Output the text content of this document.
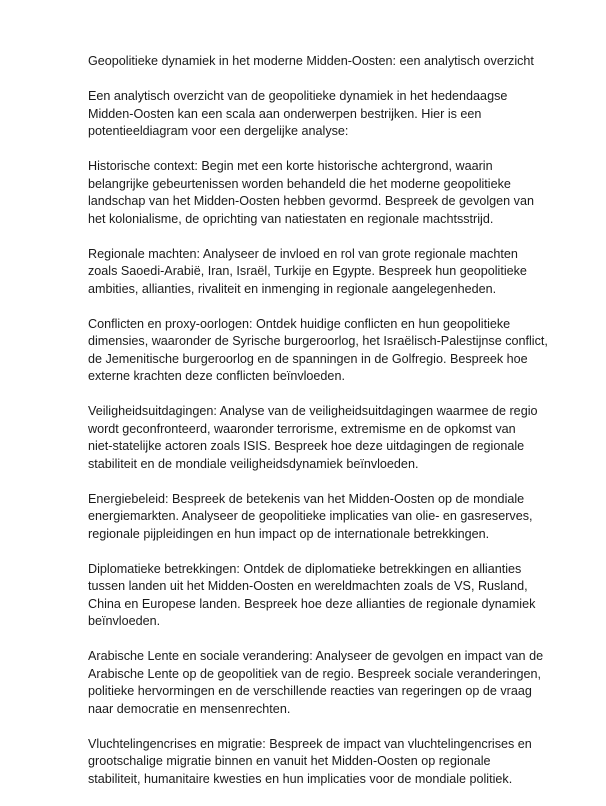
Geopolitieke dynamiek in het moderne Midden-Oosten: een analytisch overzicht

Een analytisch overzicht van de geopolitieke dynamiek in het hedendaagse
Midden-Oosten kan een scala aan onderwerpen bestrijken. Hier is een
potentieeldiagram voor een dergelijke analyse:

Historische context: Begin met een korte historische achtergrond, waarin
belangrijke gebeurtenissen worden behandeld die het moderne geopolitieke
landschap van het Midden-Oosten hebben gevormd. Bespreek de gevolgen van
het kolonialisme, de oprichting van natiestaten en regionale machtsstrijd.

Regionale machten: Analyseer de invloed en rol van grote regionale machten
zoals Saoedi-Arabië, Iran, Israël, Turkije en Egypte. Bespreek hun geopolitieke
ambities, allianties, rivaliteit en inmenging in regionale aangelegenheden.

Conflicten en proxy-oorlogen: Ontdek huidige conflicten en hun geopolitieke
dimensies, waaronder de Syrische burgeroorlog, het Israëlisch-Palestijnse conflict,
de Jemenitische burgeroorlog en de spanningen in de Golfregio. Bespreek hoe
externe krachten deze conflicten beïnvloeden.

Veiligheidsuitdagingen: Analyse van de veiligheidsuitdagingen waarmee de regio
wordt geconfronteerd, waaronder terrorisme, extremisme en de opkomst van
niet-statelijke actoren zoals ISIS. Bespreek hoe deze uitdagingen de regionale
stabiliteit en de mondiale veiligheidsdynamiek beïnvloeden.

Energiebeleid: Bespreek de betekenis van het Midden-Oosten op de mondiale
energiemarkten. Analyseer de geopolitieke implicaties van olie- en gasreserves,
regionale pijpleidingen en hun impact op de internationale betrekkingen.

Diplomatieke betrekkingen: Ontdek de diplomatieke betrekkingen en allianties
tussen landen uit het Midden-Oosten en wereldmachten zoals de VS, Rusland,
China en Europese landen. Bespreek hoe deze allianties de regionale dynamiek
beïnvloeden.

Arabische Lente en sociale verandering: Analyseer de gevolgen en impact van de
Arabische Lente op de geopolitiek van de regio. Bespreek sociale veranderingen,
politieke hervormingen en de verschillende reacties van regeringen op de vraag
naar democratie en mensenrechten.

Vluchtelingencrises en migratie: Bespreek de impact van vluchtelingencrises en
grootschalige migratie binnen en vanuit het Midden-Oosten op regionale
stabiliteit, humanitaire kwesties en hun implicaties voor de mondiale politiek.
